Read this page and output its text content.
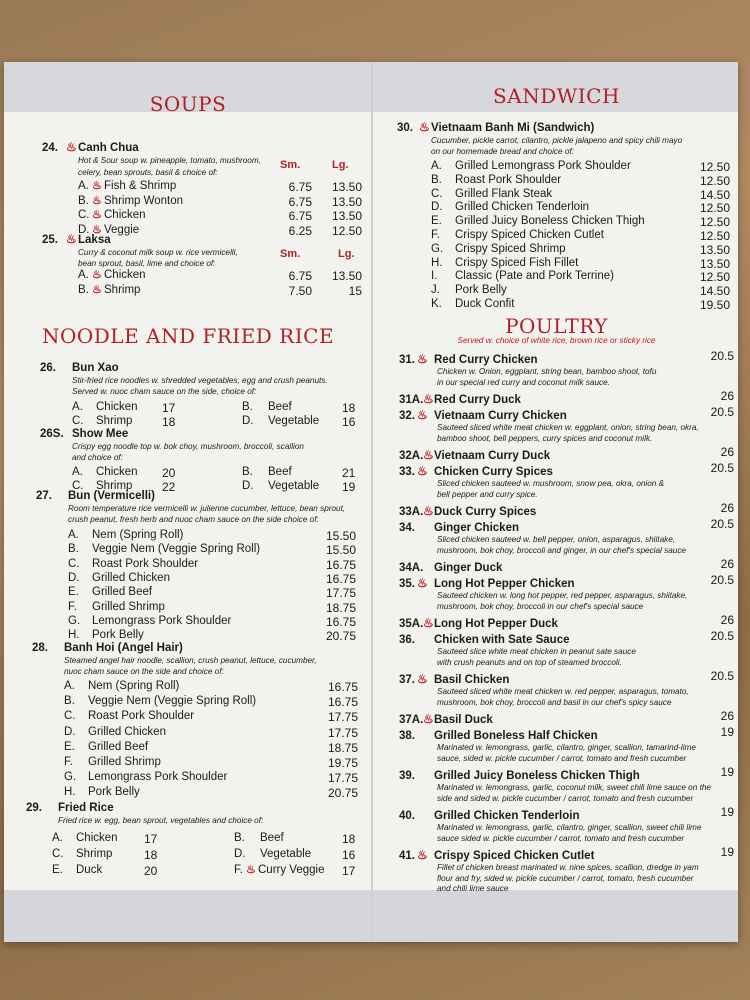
SOUPS
24. ♨ Canh Chua
Hot & Sour soup w. pineapple, tomato, mushroom,
celery, bean sprouts, basil & choice of:
Sm.	Lg.
A. ♨ Fish & Shrimp	6.75 13.50
B. ♨ Shrimp Wonton	6.75 13.50
C. ♨ Chicken	6.75 13.50
D. ♨ Veggie	6.25 12.50
25. ♨ Laksa
Curry & coconut milk soup w. rice vermicelli,
bean sprout, basil, lime and choice of:
Sm.	Lg.
A. ♨ Chicken	6.75 13.50
B. ♨ Shrimp	7.50	15
NOODLE AND FRIED RICE
26. Bun Xao
Stir-fried rice noodles w. shredded vegetables, egg and crush peanuts.
Served w. nuoc cham sauce on the side, choice of:
A. Chicken 17	B. Beef	18
C. Shrimp 18	D. Vegetable 16
26S. Show Mee
Crispy egg noodle top w. bok choy, mushroom, broccoli, scallion
and choice of:
A. Chicken 20	B. Beef	21
C. Shrimp 22	D. Vegetable 19
27. Bun (Vermicelli)
Room temperature rice vermicelli w. julienne cucumber, lettuce, bean sprout,
crush peanut, fresh herb and nuoc cham sauce on the side choice of:
A. Nem (Spring Roll)	15.50
B. Veggie Nem (Veggie Spring Roll)	15.50
C. Roast Pork Shoulder	16.75
D. Grilled Chicken	16.75
E. Grilled Beef	17.75
F. Grilled Shrimp	18.75
G. Lemongrass Pork Shoulder	16.75
H. Pork Belly	20.75
28. Banh Hoi (Angel Hair)
Steamed angel hair noodle, scallion, crush peanut, lettuce, cucumber,
nuoc cham sauce on the side and choice of:
A. Nem (Spring Roll)	16.75
B. Veggie Nem (Veggie Spring Roll)	16.75
C. Roast Pork Shoulder	17.75
D. Grilled Chicken	17.75
E. Grilled Beef	18.75
F. Grilled Shrimp	19.75
G. Lemongrass Pork Shoulder	17.75
H. Pork Belly	20.75
29. Fried Rice
Fried rice w. egg, bean sprout, vegetables and choice of:
A. Chicken 17	B. Beef	18
C. Shrimp	18	D. Vegetable	16
E. Duck	20	F. ♨ Curry Veggie 17
SANDWICH
30. ♨ Vietnaam Banh Mi (Sandwich)
Cucumber, pickle carrot, cilantro, pickle jalapeno and spicy chili mayo
on our homemade bread and choice of:
A. Grilled Lemongrass Pork Shoulder	12.50
B. Roast Pork Shoulder	12.50
C. Grilled Flank Steak	14.50
D. Grilled Chicken Tenderloin	12.50
E. Grilled Juicy Boneless Chicken Thigh	12.50
F. Crispy Spiced Chicken Cutlet	12.50
G. Crispy Spiced Shrimp	13.50
H. Crispy Spiced Fish Fillet	13.50
I. Classic (Pate and Pork Terrine)	12.50
J. Pork Belly	14.50
K. Duck Confit	19.50
POULTRY
Served w. choice of white rice, brown rice or sticky rice
31. ♨ Red Curry Chicken	20.5
Chicken w. Onion, eggplant, string bean, bamboo shoot, tofu
in our special red curry and coconut milk sauce.
31A. ♨ Red Curry Duck	26
32. ♨ Vietnaam Curry Chicken	20.5
Sauteed sliced white meat chicken w. eggplant, onion, string bean, okra,
bamboo shoot, bell peppers, curry spices and coconut milk.
32A. ♨ Vietnaam Curry Duck	26
33. ♨ Chicken Curry Spices	20.5
Sliced chicken sauteed w. mushroom, snow pea, okra, onion &
bell pepper and curry spice.
33A. ♨ Duck Curry Spices	26
34. Ginger Chicken	20.5
Sliced chicken sauteed w. bell pepper, onion, asparagus, shiitake,
mushroom, bok choy, broccoli and ginger, in our chef's special sauce
34A. Ginger Duck	26
35. ♨ Long Hot Pepper Chicken	20.5
Sauteed chicken w. long hot pepper, red pepper, asparagus, shiitake,
mushroom, bok choy, broccoli in our chef's special sauce
35A. ♨ Long Hot Pepper Duck	26
36. Chicken with Sate Sauce	20.5
Sauteed slice white meat chicken in peanut sate sauce
with crush peanuts and on top of steamed broccoli.
37. ♨ Basil Chicken	20.5
Sauteed sliced white meat chicken w. red pepper, asparagus, tomato,
mushroom, bok choy, broccoli and basil in our chef's spicy sauce
37A. ♨ Basil Duck	26
38. Grilled Boneless Half Chicken	19
Marinated w. lemongrass, garlic, cilantro, ginger, scallion, tamarind-lime
sauce, sided w. pickle cucumber / carrot, tomato and fresh cucumber
39. Grilled Juicy Boneless Chicken Thigh	19
Marinated w. lemongrass, garlic, coconut milk, sweet chili lime sauce on the
side and sided w. pickle cucumber / carrot, tomato and fresh cucumber
40. Grilled Chicken Tenderloin	19
Marinated w. lemongrass, garlic, cilantro, ginger, scallion, sweet chili lime
sauce sided w. pickle cucumber / carrot, tomato and fresh cucumber
41. ♨ Crispy Spiced Chicken Cutlet	19
Fillet of chicken breast marinated w. nine spices, scallion, dredge in yam
flour and fry, sided w. pickle cucumber / carrot, tomato, fresh cucumber
and chili lime sauce
